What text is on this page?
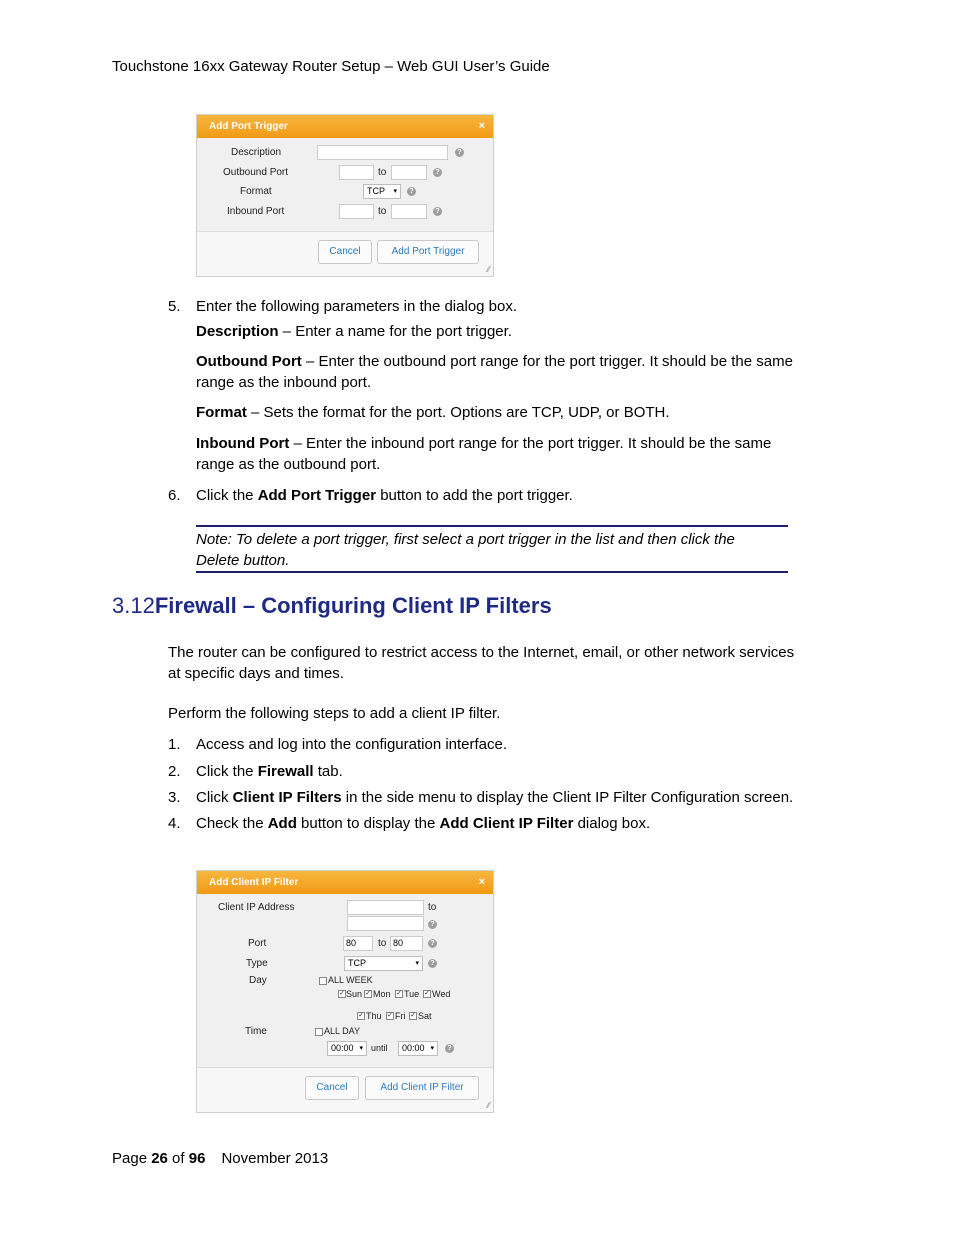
Touchstone 16xx Gateway Router Setup – Web GUI User’s Guide
Add Port Trigger	×
Description	?
Outbound Port	to	?
Format	TCP ▾	?
Inbound Port	to	?
Cancel	Add Port Trigger
⁄⁄
5. Enter the following parameters in the dialog box.
Description – Enter a name for the port trigger.
Outbound Port – Enter the outbound port range for the port trigger. It should be the same
range as the inbound port.
Format – Sets the format for the port. Options are TCP, UDP, or BOTH.
Inbound Port – Enter the inbound port range for the port trigger. It should be the same
range as the outbound port.
6. Click the Add Port Trigger button to add the port trigger.
Note: To delete a port trigger, first select a port trigger in the list and then click the
Delete button.
3.12Firewall – Configuring Client IP Filters
The router can be configured to restrict access to the Internet, email, or other network services
at specific days and times.
Perform the following steps to add a client IP filter.
1. Access and log into the configuration interface.
2. Click the Firewall tab.
3. Click Client IP Filters in the side menu to display the Client IP Filter Configuration screen.
4. Check the Add button to display the Add Client IP Filter dialog box.
Add Client IP Filter	×
Client IP Address	to
?
Port	80	to 80	?
Type	TCP	▾	?
Day	ALL WEEK
✓ Sun ✓ Mon ✓ Tue ✓ Wed
✓ Thu ✓ Fri ✓ Sat
Time	ALL DAY
00:00 ▾ until	00:00 ▾	?
Cancel	Add Client IP Filter
⁄⁄
Page 26 of 96 November 2013
